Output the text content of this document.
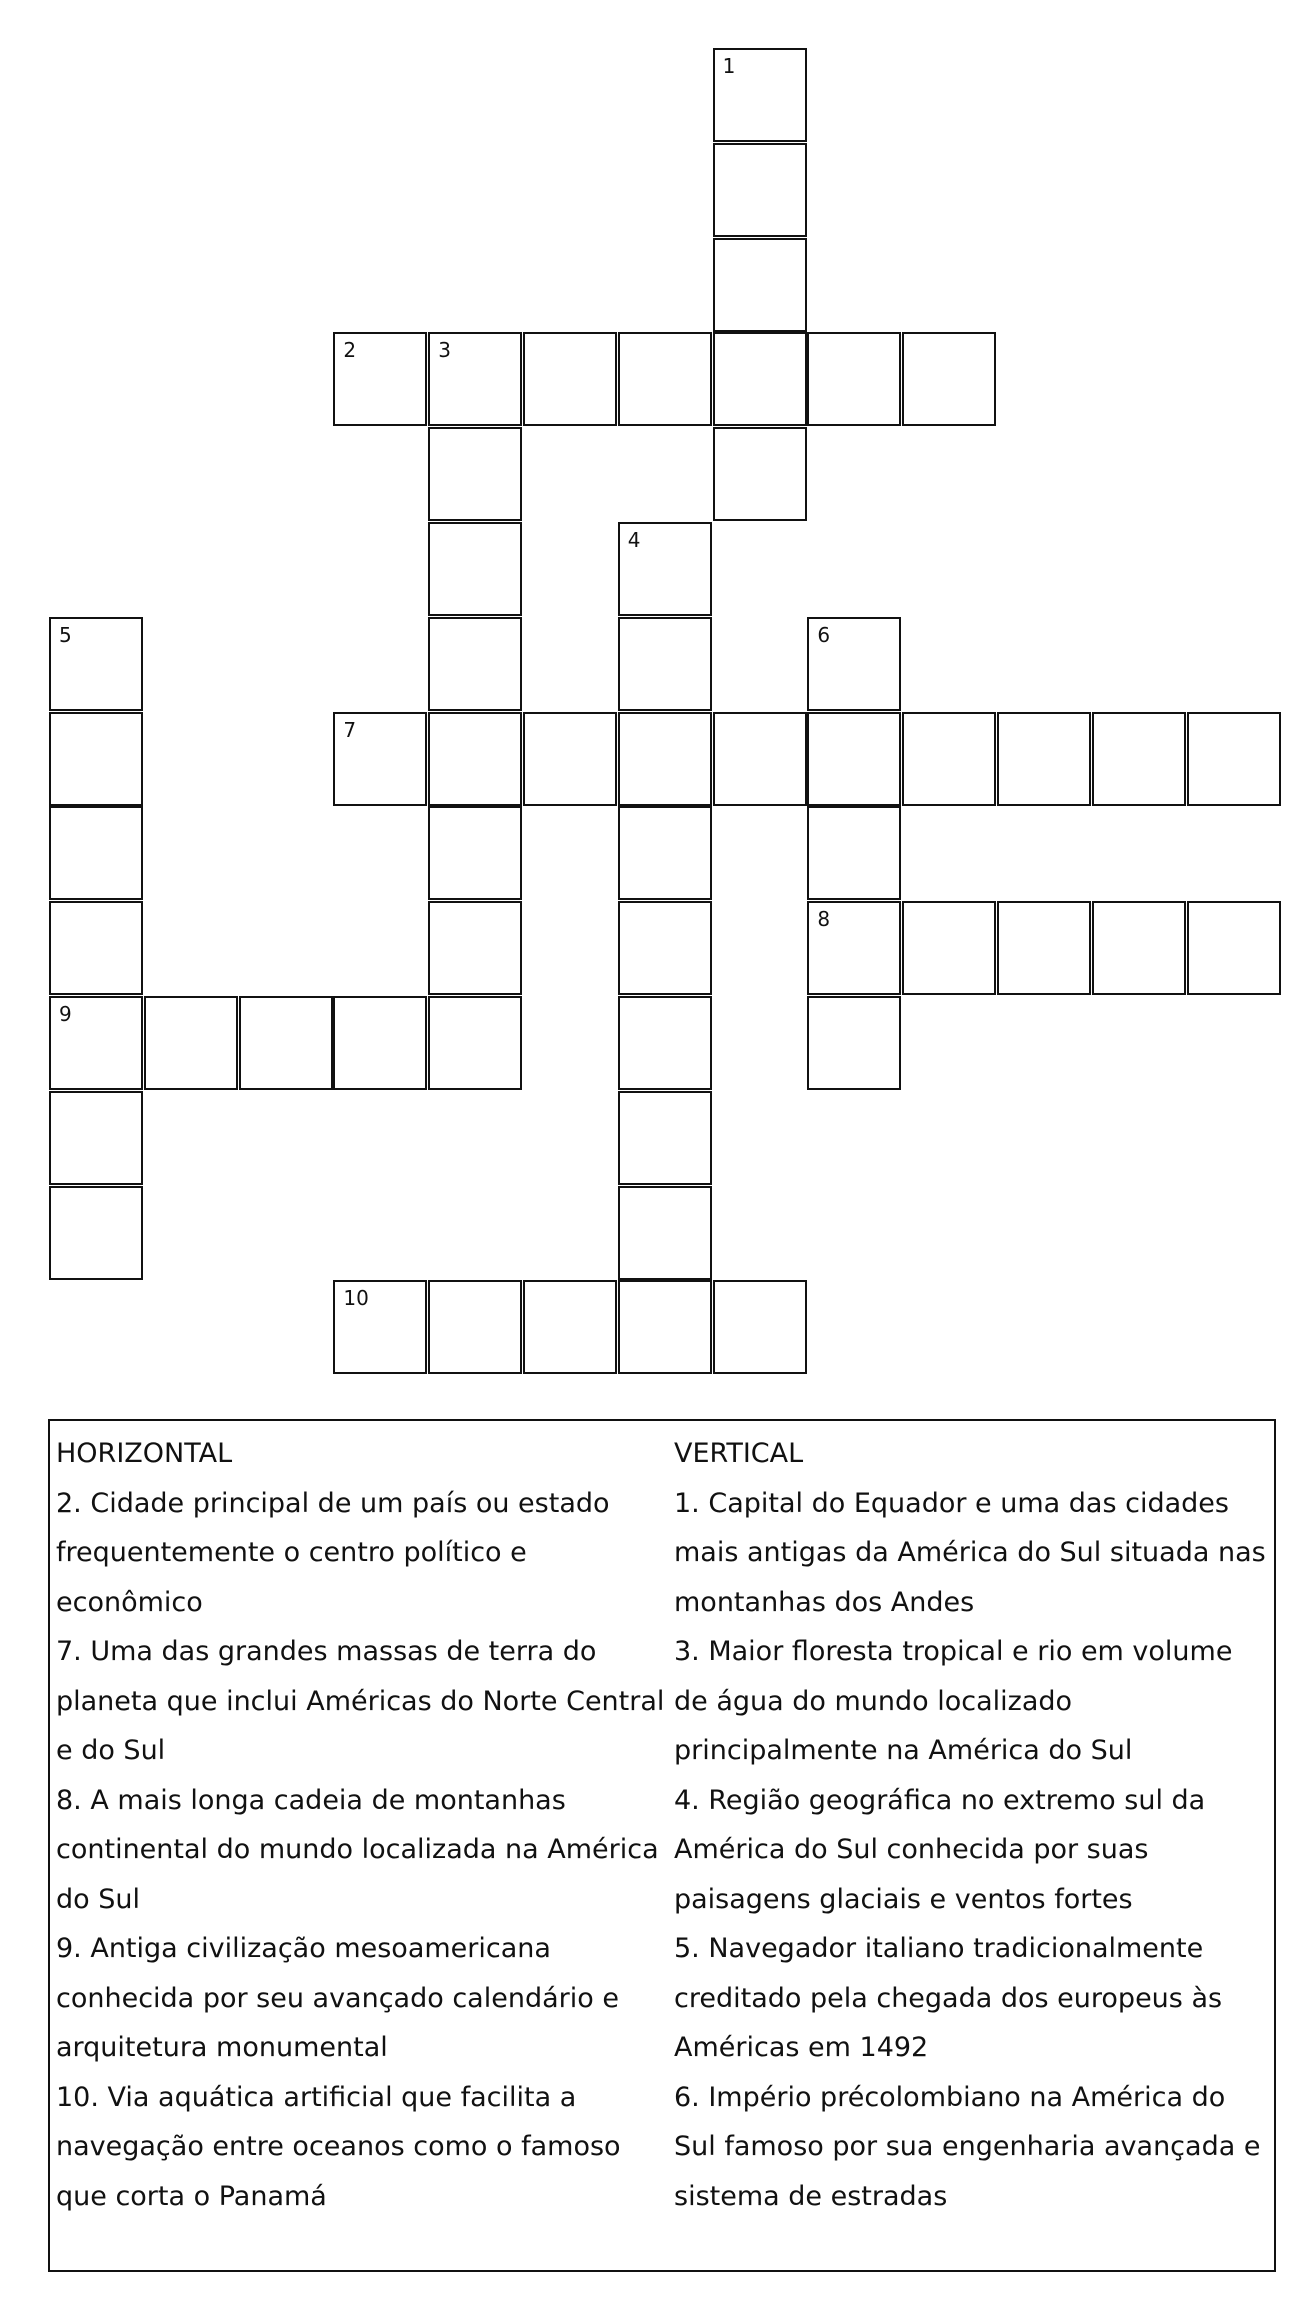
1
2	3
4
5	6
7
8
9
10
HORIZONTAL
2. Cidade principal de um país ou estado frequentemente o centro político e econômico
7. Uma das grandes massas de terra do planeta que inclui Américas do Norte Central e do Sul
8. A mais longa cadeia de montanhas continental do mundo localizada na América do Sul
9. Antiga civilização mesoamericana conhecida por seu avançado calendário e arquitetura monumental
10. Via aquática artificial que facilita a navegação entre oceanos como o famoso que corta o Panamá
VERTICAL
1. Capital do Equador e uma das cidades mais antigas da América do Sul situada nas montanhas dos Andes
3. Maior floresta tropical e rio em volume de água do mundo localizado principalmente na América do Sul
4. Região geográfica no extremo sul da América do Sul conhecida por suas paisagens glaciais e ventos fortes
5. Navegador italiano tradicionalmente creditado pela chegada dos europeus às Américas em 1492
6. Império précolombiano na América do Sul famoso por sua engenharia avançada e sistema de estradas
